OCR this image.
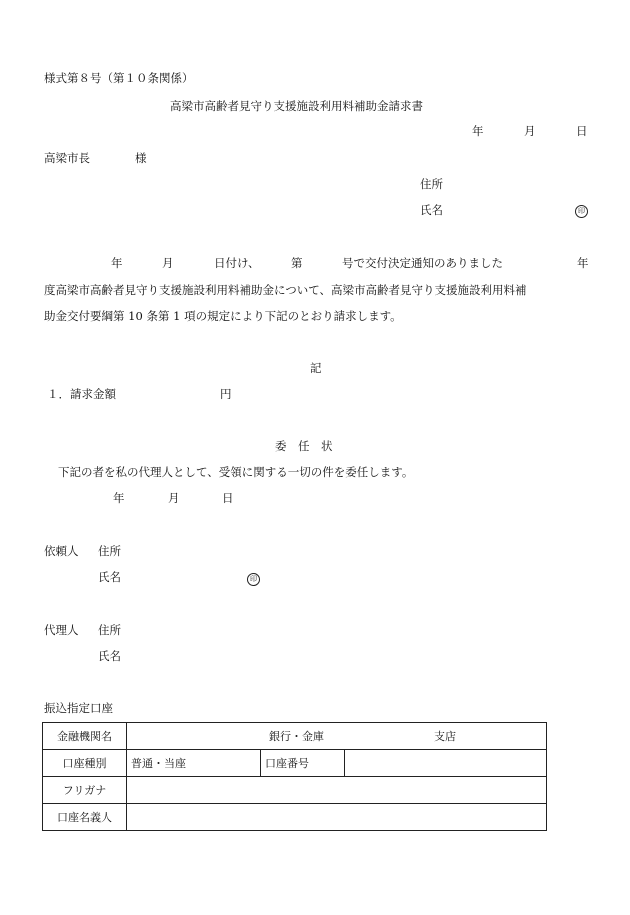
様式第８号（第１０条関係）
高梁市高齢者見守り支援施設利用料補助金請求書
年	月	日
高梁市長	様
住所
氏名	印
年	月	日付け、	第	号で交付決定通知のありました	年
度高梁市高齢者見守り支援施設利用料補助金について、高梁市高齢者見守り支援施設利用料補
助金交付要綱第 10 条第 1 項の規定により下記のとおり請求します。
記
１．請求金額	円
委　任　状
下記の者を私の代理人として、受領に関する一切の件を委任します。
年	月	日
依頼人 住所
氏名	印
代理人 住所
氏名
振込指定口座
金融機関名	銀行・金庫 支店		
口座種別	普通・当座	口座番号	
フリガナ			
口座名義人			
